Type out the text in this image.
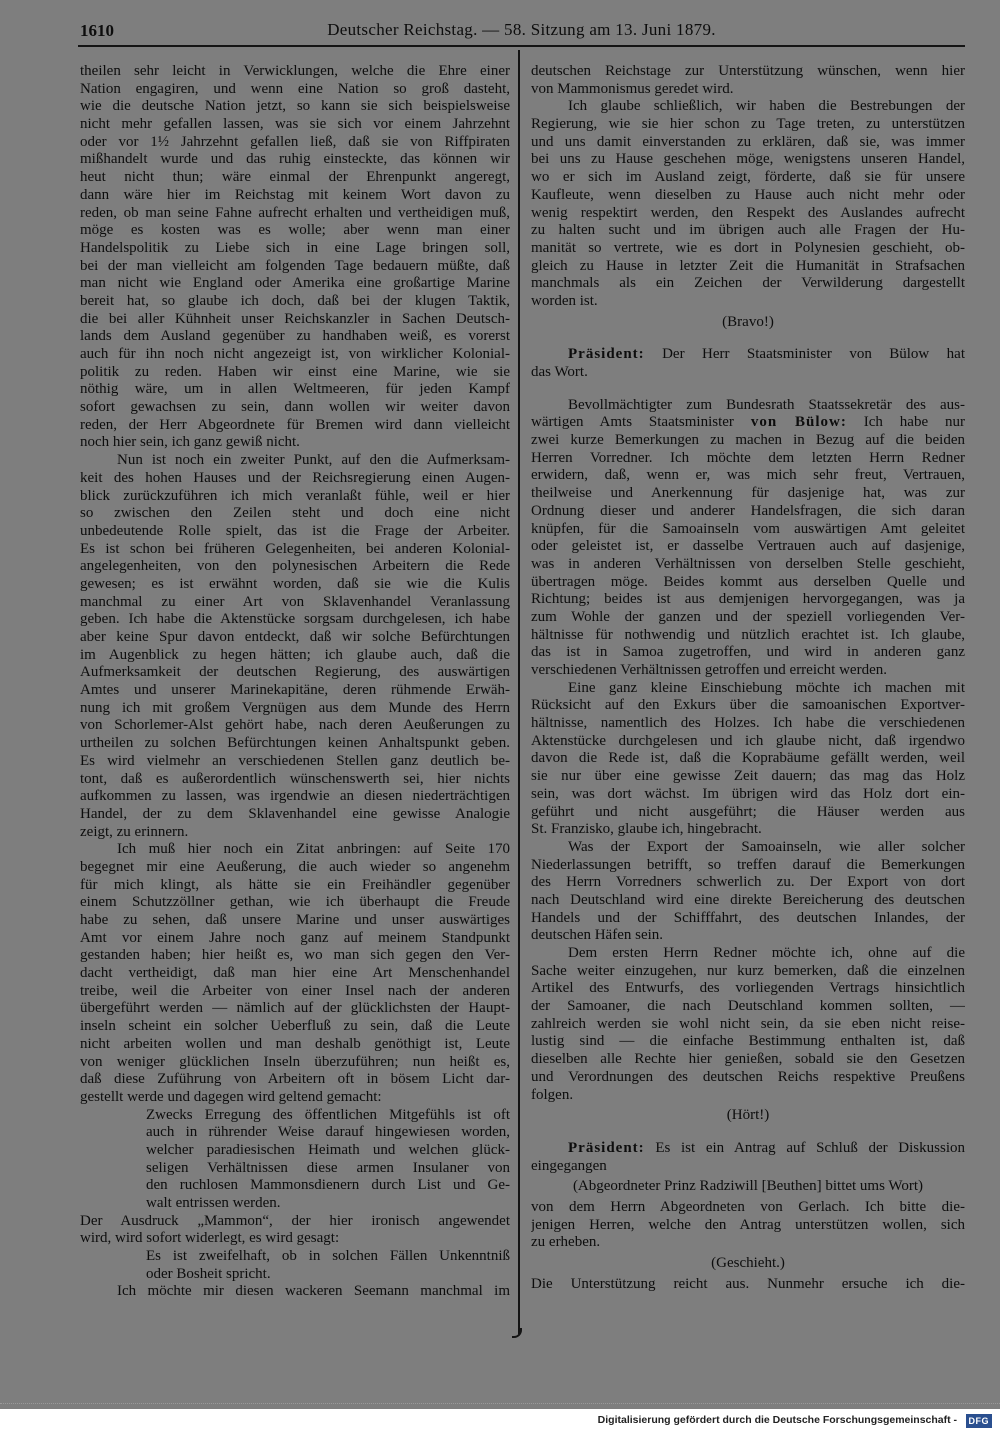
1610	Deutscher Reichstag. — 58. Sitzung am 13. Juni 1879.
theilen sehr leicht in Verwicklungen, welche die Ehre einer
Nation engagiren, und wenn eine Nation so groß dasteht,
wie die deutsche Nation jetzt, so kann sie sich beispielsweise
nicht mehr gefallen lassen, was sie sich vor einem Jahrzehnt
oder vor 1½ Jahrzehnt gefallen ließ, daß sie von Riffpiraten
mißhandelt wurde und das ruhig einsteckte, das können wir
heut nicht thun; wäre einmal der Ehrenpunkt angeregt,
dann wäre hier im Reichstag mit keinem Wort davon zu
reden, ob man seine Fahne aufrecht erhalten und vertheidigen muß,
möge es kosten was es wolle; aber wenn man einer
Handelspolitik zu Liebe sich in eine Lage bringen soll,
bei der man vielleicht am folgenden Tage bedauern müßte, daß
man nicht wie England oder Amerika eine großartige Marine
bereit hat, so glaube ich doch, daß bei der klugen Taktik,
die bei aller Kühnheit unser Reichskanzler in Sachen Deutsch-
lands dem Ausland gegenüber zu handhaben weiß, es vorerst
auch für ihn noch nicht angezeigt ist, von wirklicher Kolonial-
politik zu reden. Haben wir einst eine Marine, wie sie
nöthig wäre, um in allen Weltmeeren, für jeden Kampf
sofort gewachsen zu sein, dann wollen wir weiter davon
reden, der Herr Abgeordnete für Bremen wird dann vielleicht
noch hier sein, ich ganz gewiß nicht.
Nun ist noch ein zweiter Punkt, auf den die Aufmerksam-
keit des hohen Hauses und der Reichsregierung einen Augen-
blick zurückzuführen ich mich veranlaßt fühle, weil er hier
so zwischen den Zeilen steht und doch eine nicht
unbedeutende Rolle spielt, das ist die Frage der Arbeiter.
Es ist schon bei früheren Gelegenheiten, bei anderen Kolonial-
angelegenheiten, von den polynesischen Arbeitern die Rede
gewesen; es ist erwähnt worden, daß sie wie die Kulis
manchmal zu einer Art von Sklavenhandel Veranlassung
geben. Ich habe die Aktenstücke sorgsam durchgelesen, ich habe
aber keine Spur davon entdeckt, daß wir solche Befürchtungen
im Augenblick zu hegen hätten; ich glaube auch, daß die
Aufmerksamkeit der deutschen Regierung, des auswärtigen
Amtes und unserer Marinekapitäne, deren rühmende Erwäh-
nung ich mit großem Vergnügen aus dem Munde des Herrn
von Schorlemer-Alst gehört habe, nach deren Aeußerungen zu
urtheilen zu solchen Befürchtungen keinen Anhaltspunkt geben.
Es wird vielmehr an verschiedenen Stellen ganz deutlich be-
tont, daß es außerordentlich wünschenswerth sei, hier nichts
aufkommen zu lassen, was irgendwie an diesen niederträchtigen
Handel, der zu dem Sklavenhandel eine gewisse Analogie
zeigt, zu erinnern.
Ich muß hier noch ein Zitat anbringen: auf Seite 170
begegnet mir eine Aeußerung, die auch wieder so angenehm
für mich klingt, als hätte sie ein Freihändler gegenüber
einem Schutzzöllner gethan, wie ich überhaupt die Freude
habe zu sehen, daß unsere Marine und unser auswärtiges
Amt vor einem Jahre noch ganz auf meinem Standpunkt
gestanden haben; hier heißt es, wo man sich gegen den Ver-
dacht vertheidigt, daß man hier eine Art Menschenhandel
treibe, weil die Arbeiter von einer Insel nach der anderen
übergeführt werden — nämlich auf der glücklichsten der Haupt-
inseln scheint ein solcher Ueberfluß zu sein, daß die Leute
nicht arbeiten wollen und man deshalb genöthigt ist, Leute
von weniger glücklichen Inseln überzuführen; nun heißt es,
daß diese Zuführung von Arbeitern oft in bösem Licht dar-
gestellt werde und dagegen wird geltend gemacht:
Zwecks Erregung des öffentlichen Mitgefühls ist oft
auch in rührender Weise darauf hingewiesen worden,
welcher paradiesischen Heimath und welchen glück-
seligen Verhältnissen diese armen Insulaner von
den ruchlosen Mammonsdienern durch List und Ge-
walt entrissen werden.
Der Ausdruck „Mammon“, der hier ironisch angewendet
wird, wird sofort widerlegt, es wird gesagt:
Es ist zweifelhaft, ob in solchen Fällen Unkenntniß
oder Bosheit spricht.
Ich möchte mir diesen wackeren Seemann manchmal im
deutschen Reichstage zur Unterstützung wünschen, wenn hier
von Mammonismus geredet wird.
Ich glaube schließlich, wir haben die Bestrebungen der
Regierung, wie sie hier schon zu Tage treten, zu unterstützen
und uns damit einverstanden zu erklären, daß sie, was immer
bei uns zu Hause geschehen möge, wenigstens unseren Handel,
wo er sich im Ausland zeigt, förderte, daß sie für unsere
Kaufleute, wenn dieselben zu Hause auch nicht mehr oder
wenig respektirt werden, den Respekt des Auslandes aufrecht
zu halten sucht und im übrigen auch alle Fragen der Hu-
manität so vertrete, wie es dort in Polynesien geschieht, ob-
gleich zu Hause in letzter Zeit die Humanität in Strafsachen
manchmals als ein Zeichen der Verwilderung dargestellt
worden ist.
(Bravo!)
Präsident: Der Herr Staatsminister von Bülow hat
das Wort.
Bevollmächtigter zum Bundesrath Staatssekretär des aus-
wärtigen Amts Staatsminister von Bülow: Ich habe nur
zwei kurze Bemerkungen zu machen in Bezug auf die beiden
Herren Vorredner. Ich möchte dem letzten Herrn Redner
erwidern, daß, wenn er, was mich sehr freut, Vertrauen,
theilweise und Anerkennung für dasjenige hat, was zur
Ordnung dieser und anderer Handelsfragen, die sich daran
knüpfen, für die Samoainseln vom auswärtigen Amt geleitet
oder geleistet ist, er dasselbe Vertrauen auch auf dasjenige,
was in anderen Verhältnissen von derselben Stelle geschieht,
übertragen möge. Beides kommt aus derselben Quelle und
Richtung; beides ist aus demjenigen hervorgegangen, was ja
zum Wohle der ganzen und der speziell vorliegenden Ver-
hältnisse für nothwendig und nützlich erachtet ist. Ich glaube,
das ist in Samoa zugetroffen, und wird in anderen ganz
verschiedenen Verhältnissen getroffen und erreicht werden.
Eine ganz kleine Einschiebung möchte ich machen mit
Rücksicht auf den Exkurs über die samoanischen Exportver-
hältnisse, namentlich des Holzes. Ich habe die verschiedenen
Aktenstücke durchgelesen und ich glaube nicht, daß irgendwo
davon die Rede ist, daß die Koprabäume gefällt werden, weil
sie nur über eine gewisse Zeit dauern; das mag das Holz
sein, was dort wächst. Im übrigen wird das Holz dort ein-
geführt und nicht ausgeführt; die Häuser werden aus
St. Franzisko, glaube ich, hingebracht.
Was der Export der Samoainseln, wie aller solcher
Niederlassungen betrifft, so treffen darauf die Bemerkungen
des Herrn Vorredners schwerlich zu. Der Export von dort
nach Deutschland wird eine direkte Bereicherung des deutschen
Handels und der Schifffahrt, des deutschen Inlandes, der
deutschen Häfen sein.
Dem ersten Herrn Redner möchte ich, ohne auf die
Sache weiter einzugehen, nur kurz bemerken, daß die einzelnen
Artikel des Entwurfs, des vorliegenden Vertrags hinsichtlich
der Samoaner, die nach Deutschland kommen sollten, —
zahlreich werden sie wohl nicht sein, da sie eben nicht reise-
lustig sind — die einfache Bestimmung enthalten ist, daß
dieselben alle Rechte hier genießen, sobald sie den Gesetzen
und Verordnungen des deutschen Reichs respektive Preußens
folgen.
(Hört!)
Präsident: Es ist ein Antrag auf Schluß der Diskussion
eingegangen
(Abgeordneter Prinz Radziwill [Beuthen] bittet ums Wort)
von dem Herrn Abgeordneten von Gerlach. Ich bitte die-
jenigen Herren, welche den Antrag unterstützen wollen, sich
zu erheben.
(Geschieht.)
Die Unterstützung reicht aus. Nunmehr ersuche ich die-
Digitalisierung gefördert durch die Deutsche Forschungsgemeinschaft - DFG
